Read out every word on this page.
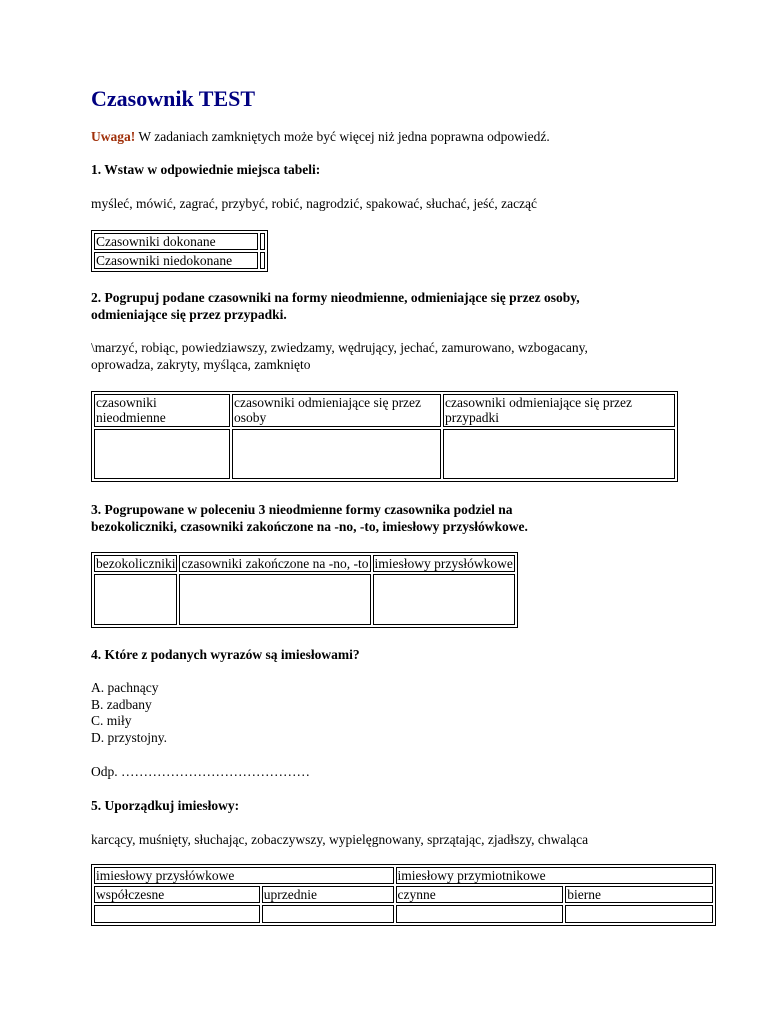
Czasownik TEST

Uwaga! W zadaniach zamkniętych może być więcej niż jedna poprawna odpowiedź.

1. Wstaw w odpowiednie miejsca tabeli:

myśleć, mówić, zagrać, przybyć, robić, nagrodzić, spakować, słuchać, jeść, zacząć

Czasowniki dokonane	
Czasowniki niedokonane	

2. Pogrupuj podane czasowniki na formy nieodmienne, odmieniające się przez osoby,

odmieniające się przez przypadki.

\marzyć, robiąc, powiedziawszy, zwiedzamy, wędrujący, jechać, zamurowano, wzbogacany,

oprowadza, zakryty, myśląca, zamknięto

czasowniki nieodmienne	czasowniki odmieniające się przez osoby	czasowniki odmieniające się przez przypadki

3. Pogrupowane w poleceniu 3 nieodmienne formy czasownika podziel na

bezokoliczniki, czasowniki zakończone na -no, -to, imiesłowy przysłówkowe.

bezokoliczniki	czasowniki zakończone na -no, -to	imiesłowy przysłówkowe

4. Które z podanych wyrazów są imiesłowami?

A. pachnący

B. zadbany

C. miły

D. przystojny.

Odp. ……………………………………

5. Uporządkuj imiesłowy:

karcący, muśnięty, słuchając, zobaczywszy, wypielęgnowany, sprzątając, zjadłszy, chwaląca

imiesłowy przysłówkowe		imiesłowy przymiotnikowe	
współczesne	uprzednie	czynne	bierne
